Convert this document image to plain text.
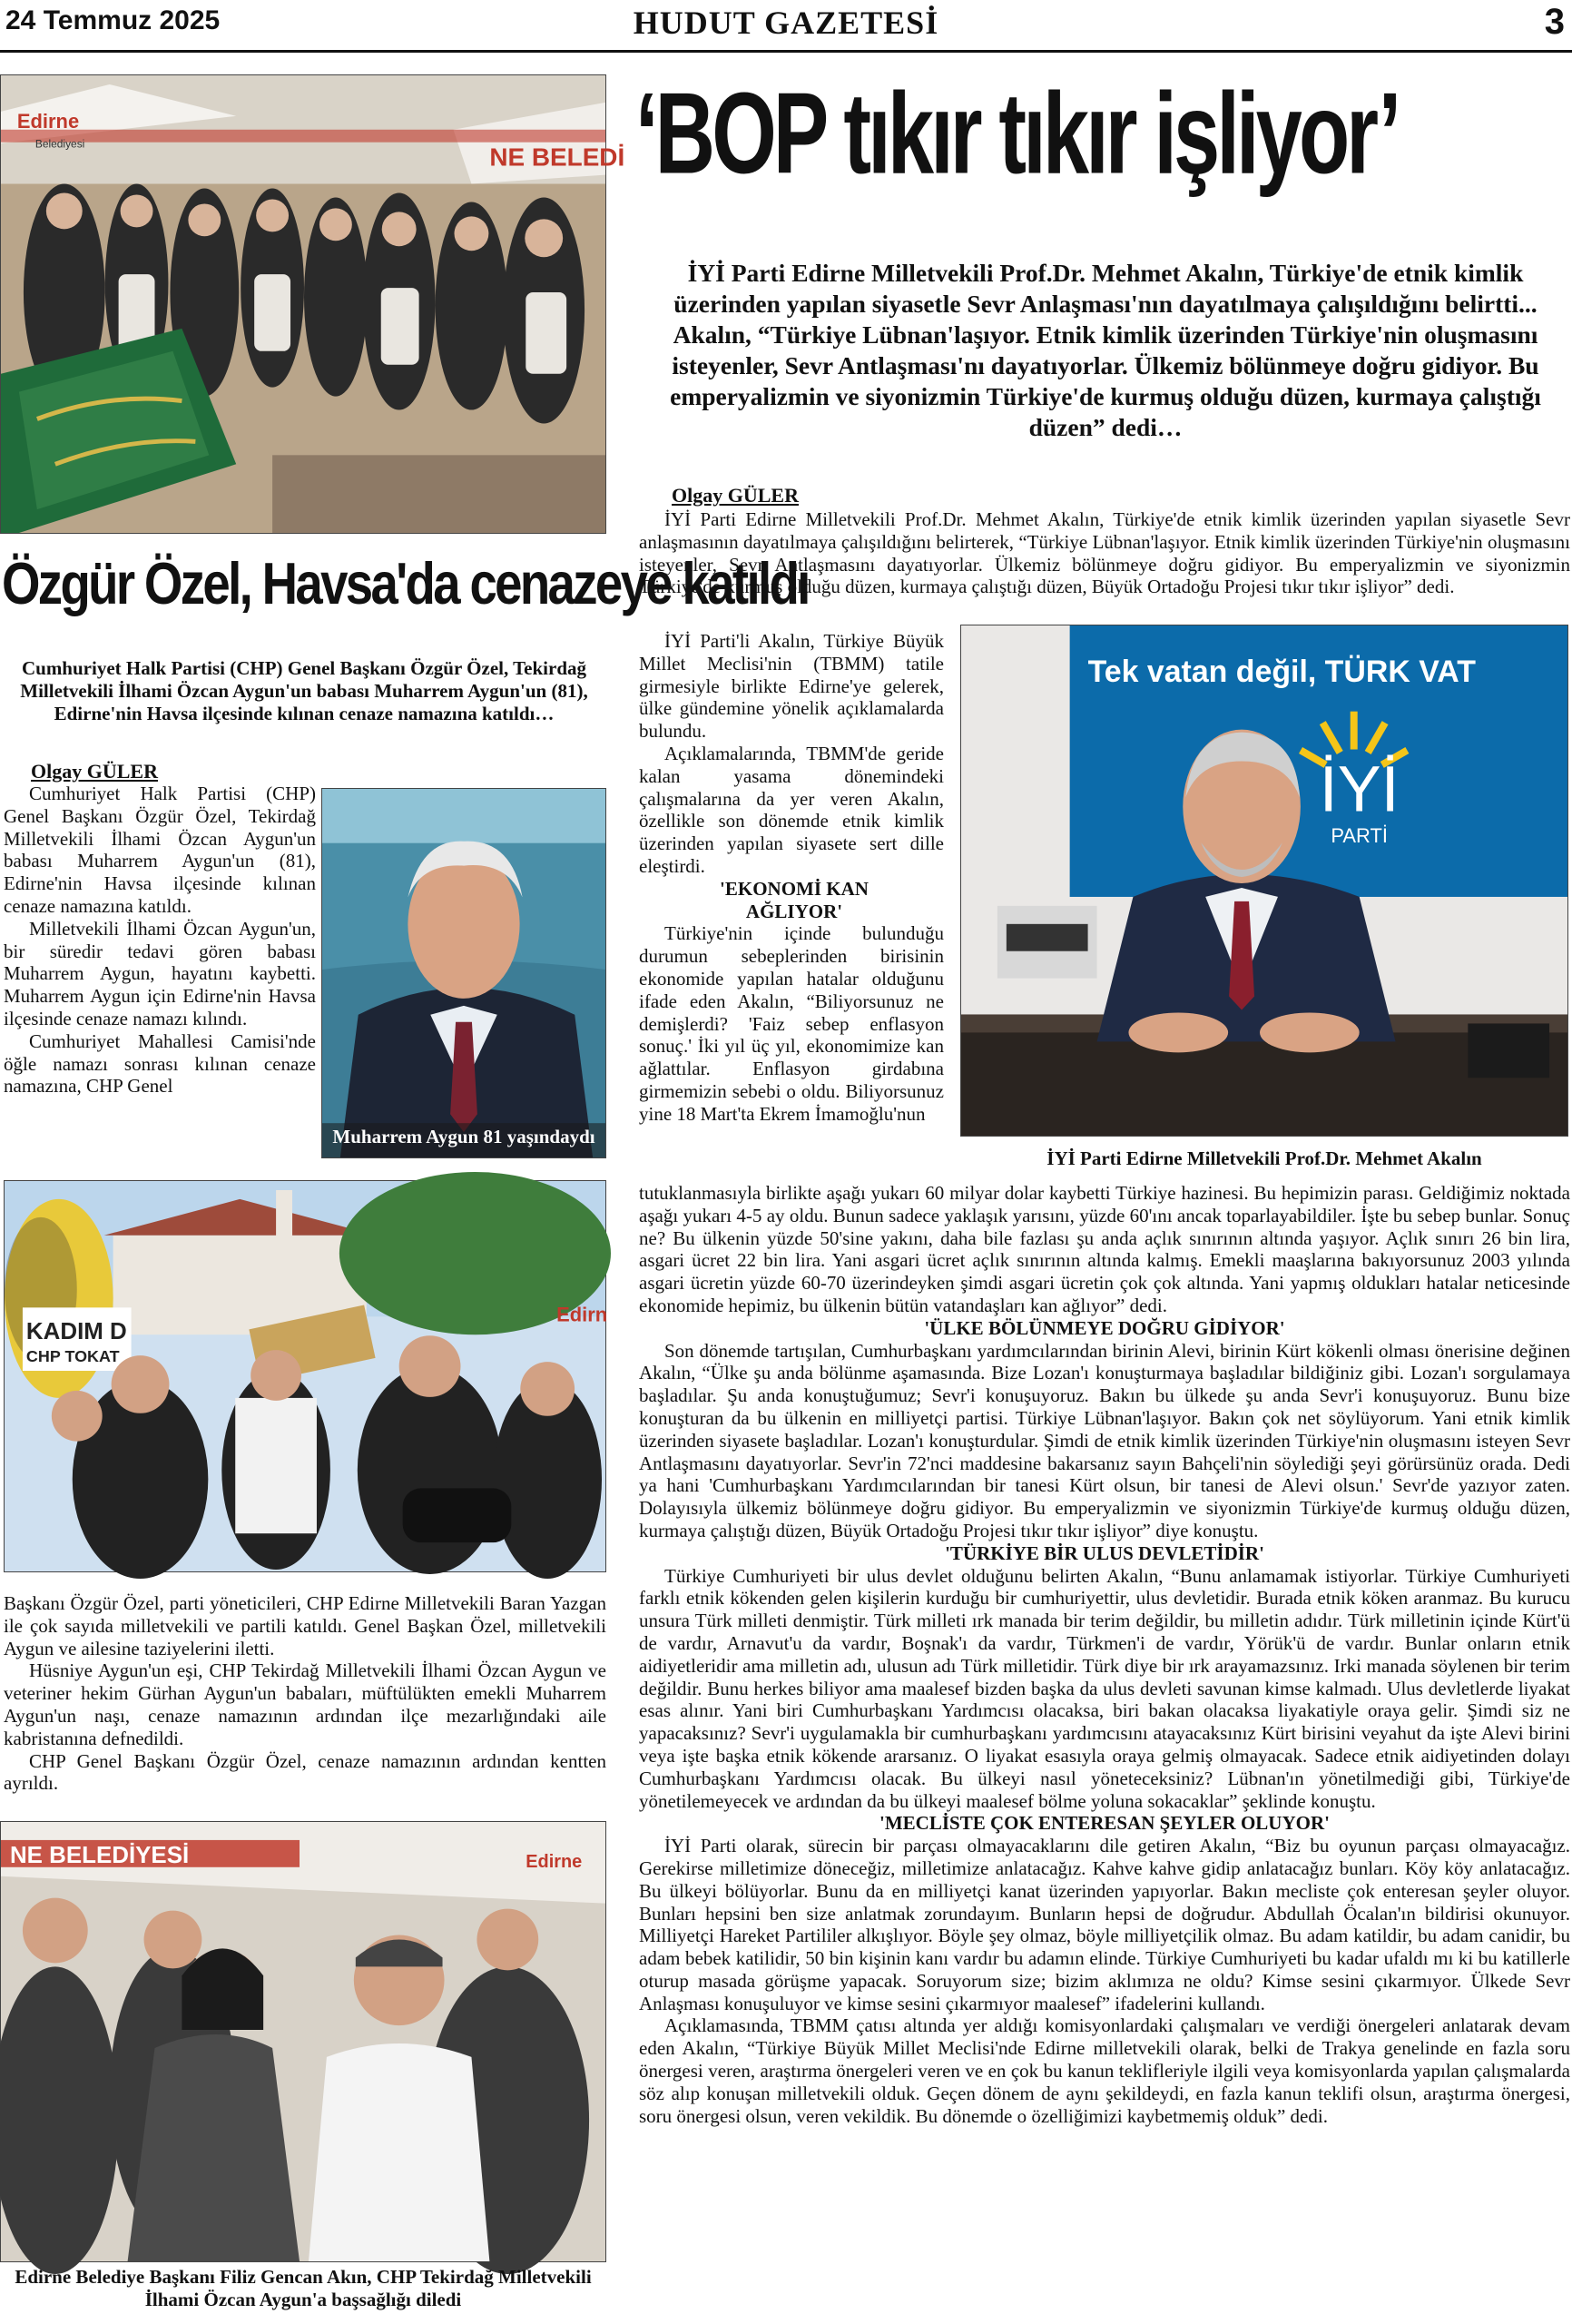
24 Temmuz 2025	HUDUT GAZETESİ	3
Edirne
Belediyesi	NE BELEDİ
Özgür Özel, Havsa'da cenazeye katıldı
Cumhuriyet Halk Partisi (CHP) Genel Başkanı Özgür Özel, Tekirdağ Milletvekili İlhami Özcan Aygun'un babası Muharrem Aygun'un (81), Edirne'nin Havsa ilçesinde kılınan cenaze namazına katıldı…
Olgay GÜLER

Cumhuriyet Halk Partisi (CHP) Genel Başkanı Özgür Özel, Tekirdağ Milletvekili İlhami Özcan Aygun'un babası Muharrem Aygun'un (81), Edirne'nin Havsa ilçesinde kılınan cenaze namazına katıldı.

Milletvekili İlhami Özcan Aygun'un, bir süredir tedavi gören babası Muharrem Aygun, hayatını kaybetti. Muharrem Aygun için Edirne'nin Havsa ilçesinde cenaze namazı kılındı.

Cumhuriyet Mahallesi Camisi'nde öğle namazı sonrası kılınan cenaze namazına, CHP Genel

Muharrem Aygun 81 yaşındaydı
KADIM D
CHP TOKAT
Edirn

Başkanı Özgür Özel, parti yöneticileri, CHP Edirne Milletvekili Baran Yazgan ile çok sayıda milletvekili ve partili katıldı. Genel Başkan Özel, milletvekili Aygun ve ailesine taziyelerini iletti.

Hüsniye Aygun'un eşi, CHP Tekirdağ Milletvekili İlhami Özcan Aygun ve veteriner hekim Gürhan Aygun'un babaları, müftülükten emekli Muharrem Aygun'un naşı, cenaze namazının ardından ilçe mezarlığındaki aile kabristanına defnedildi.

CHP Genel Başkanı Özgür Özel, cenaze namazının ardından kentten ayrıldı.

NE BELEDİYESİ	Edirne
Edirne Belediye Başkanı Filiz Gencan Akın, CHP Tekirdağ Milletvekili İlhami Özcan Aygun'a başsağlığı diledi
‘BOP tıkır tıkır işliyor’
İYİ Parti Edirne Milletvekili Prof.Dr. Mehmet Akalın, Türkiye'de etnik kimlik üzerinden yapılan siyasetle Sevr Anlaşması'nın dayatılmaya çalışıldığını belirtti... Akalın, “Türkiye Lübnan'laşıyor. Etnik kimlik üzerinden Türkiye'nin oluşmasını isteyenler, Sevr Antlaşması'nı dayatıyorlar. Ülkemiz bölünmeye doğru gidiyor. Bu emperyalizmin ve siyonizmin Türkiye'de kurmuş olduğu düzen, kurmaya çalıştığı düzen” dedi…
Olgay GÜLER

İYİ Parti Edirne Milletvekili Prof.Dr. Mehmet Akalın, Türkiye'de etnik kimlik üzerinden yapılan siyasetle Sevr anlaşmasının dayatılmaya çalışıldığını belirterek, “Türkiye Lübnan'laşıyor. Etnik kimlik üzerinden Türkiye'nin oluşmasını isteyenler, Sevr Antlaşmasını dayatıyorlar. Ülkemiz bölünmeye doğru gidiyor. Bu emperyalizmin ve siyonizmin Türkiye'de kurmuş olduğu düzen, kurmaya çalıştığı düzen, Büyük Ortadoğu Projesi tıkır tıkır işliyor” dedi.

İYİ Parti'li Akalın, Türkiye Büyük Millet Meclisi'nin (TBMM) tatile girmesiyle birlikte Edirne'ye gelerek, ülke gündemine yönelik açıklamalarda bulundu.

Açıklamalarında, TBMM'de geride kalan yasama dönemindeki çalışmalarına da yer veren Akalın, özellikle son dönemde etnik kimlik üzerinden yapılan siyasete sert dille eleştirdi.

'EKONOMİ KAN AĞLIYOR'

Türkiye'nin içinde bulunduğu durumun sebeplerinden birisinin ekonomide yapılan hatalar olduğunu ifade eden Akalın, “Biliyorsunuz ne demişlerdi? 'Faiz sebep enflasyon sonuç.' İki yıl üç yıl, ekonomimize kan ağlattılar. Enflasyon girdabına girmemizin sebebi o oldu. Biliyorsunuz yine 18 Mart'ta Ekrem İmamoğlu'nun

Tek vatan değil, TÜRK VAT
İYİ
PARTİ
İYİ Parti Edirne Milletvekili Prof.Dr. Mehmet Akalın

tutuklanmasıyla birlikte aşağı yukarı 60 milyar dolar kaybetti Türkiye hazinesi. Bu hepimizin parası. Geldiğimiz noktada aşağı yukarı 4-5 ay oldu. Bunun sadece yaklaşık yarısını, yüzde 60'ını ancak toparlayabildiler. İşte bu sebep bunlar. Sonuç ne? Bu ülkenin yüzde 50'sine yakını, daha bile fazlası şu anda açlık sınırının altında yaşıyor. Açlık sınırı 26 bin lira, asgari ücret 22 bin lira. Yani asgari ücret açlık sınırının altında kalmış. Emekli maaşlarına bakıyorsunuz 2003 yılında asgari ücretin yüzde 60-70 üzerindeyken şimdi asgari ücretin çok çok altında. Yani yapmış oldukları hatalar neticesinde ekonomide hepimiz, bu ülkenin bütün vatandaşları kan ağlıyor” dedi.

'ÜLKE BÖLÜNMEYE DOĞRU GİDİYOR'

Son dönemde tartışılan, Cumhurbaşkanı yardımcılarından birinin Alevi, birinin Kürt kökenli olması önerisine değinen Akalın, “Ülke şu anda bölünme aşamasında. Bize Lozan'ı konuşturmaya başladılar bildiğiniz gibi. Lozan'ı sorgulamaya başladılar. Şu anda konuştuğumuz; Sevr'i konuşuyoruz. Bakın bu ülkede şu anda Sevr'i konuşuyoruz. Bunu bize konuşturan da bu ülkenin en milliyetçi partisi. Türkiye Lübnan'laşıyor. Bakın çok net söylüyorum. Yani etnik kimlik üzerinden siyasete başladılar. Lozan'ı konuşturdular. Şimdi de etnik kimlik üzerinden Türkiye'nin oluşmasını isteyen Sevr Antlaşmasını dayatıyorlar. Sevr'in 72'nci maddesine bakarsanız sayın Bahçeli'nin söylediği şeyi görürsünüz orada. Dedi ya hani 'Cumhurbaşkanı Yardımcılarından bir tanesi Kürt olsun, bir tanesi de Alevi olsun.' Sevr'de yazıyor zaten. Dolayısıyla ülkemiz bölünmeye doğru gidiyor. Bu emperyalizmin ve siyonizmin Türkiye'de kurmuş olduğu düzen, kurmaya çalıştığı düzen, Büyük Ortadoğu Projesi tıkır tıkır işliyor” diye konuştu.

'TÜRKİYE BİR ULUS DEVLETİDİR'

Türkiye Cumhuriyeti bir ulus devlet olduğunu belirten Akalın, “Bunu anlamamak istiyorlar. Türkiye Cumhuriyeti farklı etnik kökenden gelen kişilerin kurduğu bir cumhuriyettir, ulus devletidir. Burada etnik köken aranmaz. Bu kurucu unsura Türk milleti denmiştir. Türk milleti ırk manada bir terim değildir, bu milletin adıdır. Türk milletinin içinde Kürt'ü de vardır, Arnavut'u da vardır, Boşnak'ı da vardır, Türkmen'i de vardır, Yörük'ü de vardır. Bunlar onların etnik aidiyetleridir ama milletin adı, ulusun adı Türk milletidir. Türk diye bir ırk arayamazsınız. Irki manada söylenen bir terim değildir. Bunu herkes biliyor ama maalesef bizden başka da ulus devleti savunan kimse kalmadı. Ulus devletlerde liyakat esas alınır. Yani biri Cumhurbaşkanı Yardımcısı olacaksa, biri bakan olacaksa liyakatiyle oraya gelir. Şimdi siz ne yapacaksınız? Sevr'i uygulamakla bir cumhurbaşkanı yardımcısını atayacaksınız Kürt birisini veyahut da işte Alevi birini veya işte başka etnik kökende ararsanız. O liyakat esasıyla oraya gelmiş olmayacak. Sadece etnik aidiyetinden dolayı Cumhurbaşkanı Yardımcısı olacak. Bu ülkeyi nasıl yöneteceksiniz? Lübnan'ın yönetilmediği gibi, Türkiye'de yönetilemeyecek ve ardından da bu ülkeyi maalesef bölme yoluna sokacaklar” şeklinde konuştu.

'MECLİSTE ÇOK ENTERESAN ŞEYLER OLUYOR'

İYİ Parti olarak, sürecin bir parçası olmayacaklarını dile getiren Akalın, “Biz bu oyunun parçası olmayacağız. Gerekirse milletimize döneceğiz, milletimize anlatacağız. Kahve kahve gidip anlatacağız bunları. Köy köy anlatacağız. Bu ülkeyi bölüyorlar. Bunu da en milliyetçi kanat üzerinden yapıyorlar. Bakın mecliste çok enteresan şeyler oluyor. Bunları hepsini ben size anlatmak zorundayım. Bunların hepsi de doğrudur. Abdullah Öcalan'ın bildirisi okunuyor. Milliyetçi Hareket Partililer alkışlıyor. Böyle şey olmaz, böyle milliyetçilik olmaz. Bu adam katildir, bu adam canidir, bu adam bebek katilidir, 50 bin kişinin kanı vardır bu adamın elinde. Türkiye Cumhuriyeti bu kadar ufaldı mı ki bu katillerle oturup masada görüşme yapacak. Soruyorum size; bizim aklımıza ne oldu? Kimse sesini çıkarmıyor. Ülkede Sevr Anlaşması konuşuluyor ve kimse sesini çıkarmıyor maalesef” ifadelerini kullandı.

Açıklamasında, TBMM çatısı altında yer aldığı komisyonlardaki çalışmaları ve verdiği önergeleri anlatarak devam eden Akalın, “Türkiye Büyük Millet Meclisi'nde Edirne milletvekili olarak, belki de Trakya genelinde en fazla soru önergesi veren, araştırma önergeleri veren ve en çok bu kanun teklifleriyle ilgili veya komisyonlarda yapılan çalışmalarda söz alıp konuşan milletvekili olduk. Geçen dönem de aynı şekildeydi, en fazla kanun teklifi olsun, araştırma önergesi, soru önergesi olsun, veren vekildik. Bu dönemde o özelliğimizi kaybetmemiş olduk” dedi.
